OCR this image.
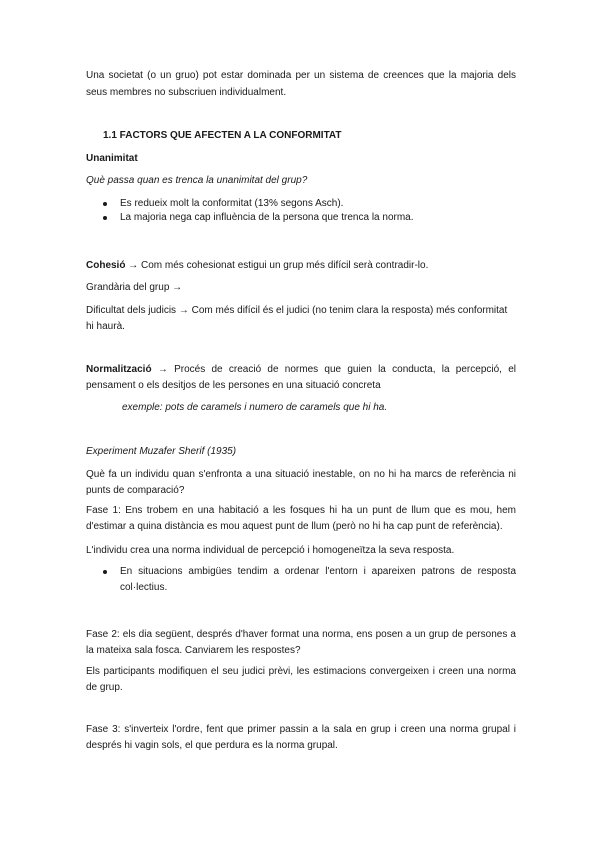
Una societat (o un gruo) pot estar dominada per un sistema de creences que la majoria dels seus membres no subscriuen individualment.

1.1 FACTORS QUE AFECTEN A LA CONFORMITAT

Unanimitat

Què passa quan es trenca la unanimitat del grup?

Es redueix molt la conformitat (13% segons Asch).
La majoria nega cap influència de la persona que trenca la norma.

Cohesió → Com més cohesionat estigui un grup més difícil serà contradir-lo.

Grandària del grup →

Dificultat dels judicis → Com més difícil és el judici (no tenim clara la resposta) més conformitat hi haurà.

Normalització → Procés de creació de normes que guien la conducta, la percepció, el pensament o els desitjos de les persones en una situació concreta

exemple: pots de caramels i numero de caramels que hi ha.

Experiment Muzafer Sherif (1935)

Què fa un individu quan s'enfronta a una situació inestable, on no hi ha marcs de referència ni punts de comparació?

Fase 1: Ens trobem en una habitació a les fosques hi ha un punt de llum que es mou, hem d'estimar a quina distància es mou aquest punt de llum (però no hi ha cap punt de referència).

L'individu crea una norma individual de percepció i homogeneïtza la seva resposta.

En situacions ambigües tendim a ordenar l'entorn i apareixen patrons de resposta col·lectius.

Fase 2: els dia següent, després d'haver format una norma, ens posen a un grup de persones a la mateixa sala fosca. Canviarem les respostes?

Els participants modifiquen el seu judici prèvi, les estimacions convergeixen i creen una norma de grup.

Fase 3: s'inverteix l'ordre, fent que primer passin a la sala en grup i creen una norma grupal i després hi vagin sols, el que perdura es la norma grupal.
